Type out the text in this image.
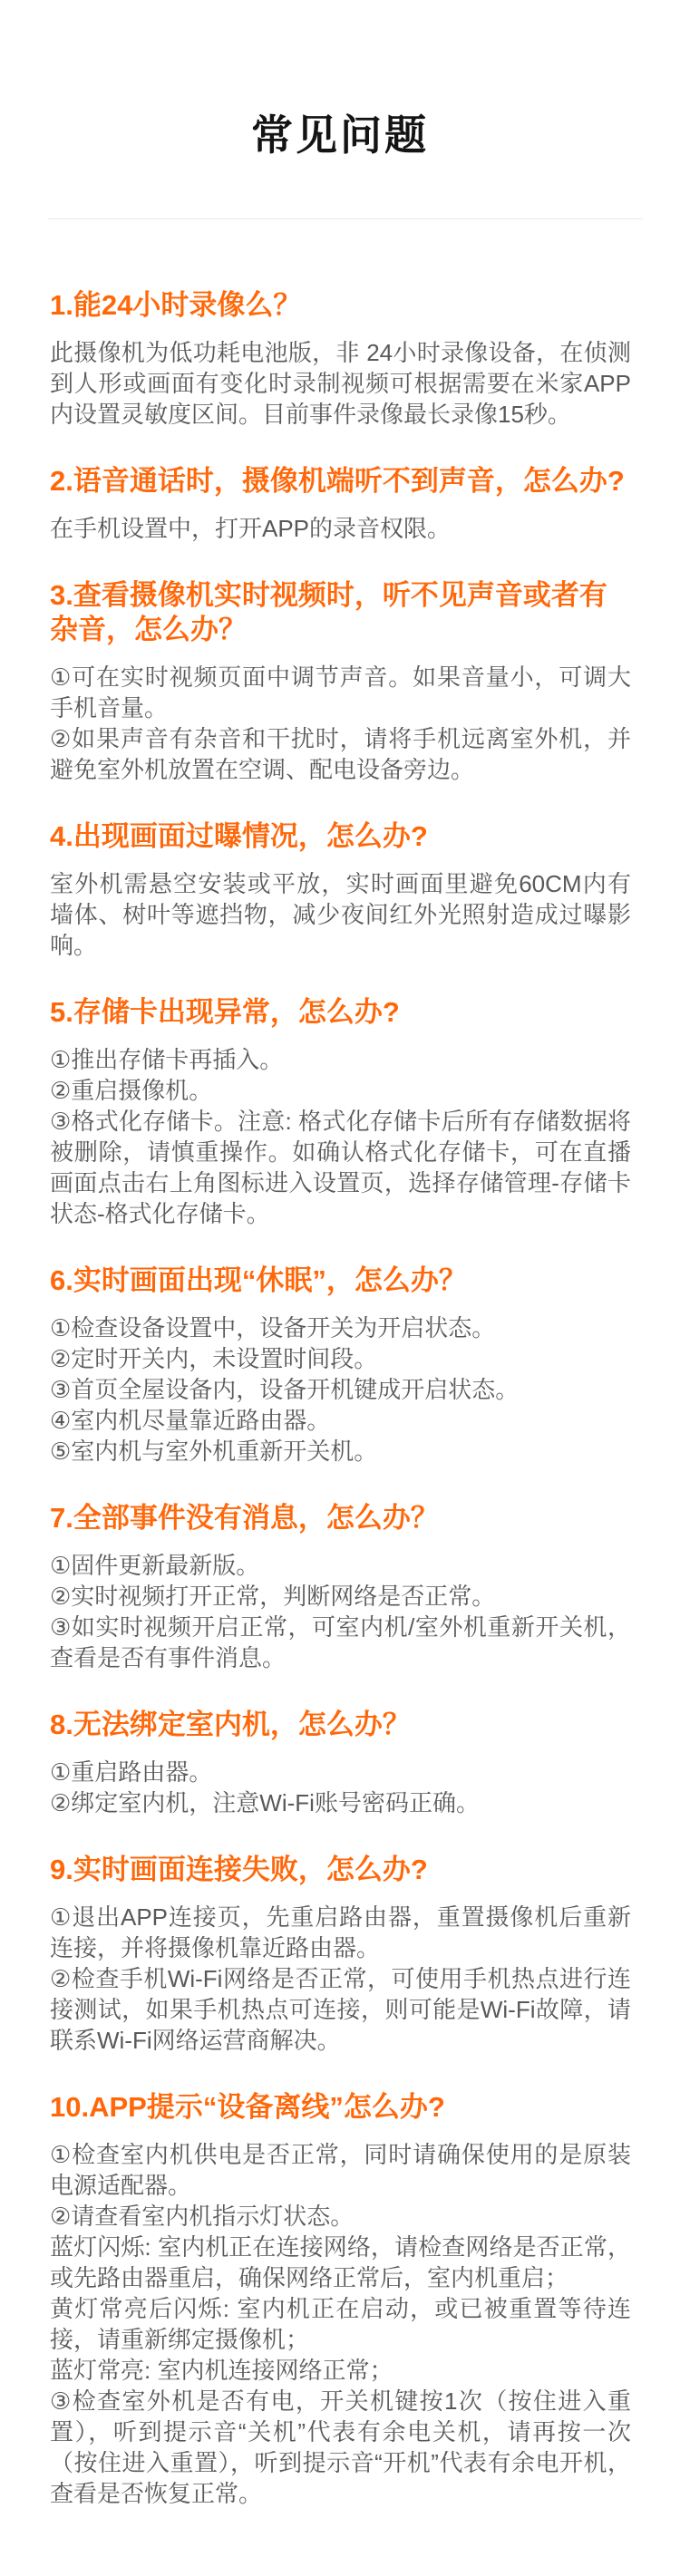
常见问题
1.能24小时录像么？

此摄像机为低功耗电池版，非 24小时录像设备，在侦测到人形或画面有变化时录制视频可根据需要在米家APP内设置灵敏度区间。目前事件录像最长录像15秒。

2.语音通话时，摄像机端听不到声音，怎么办?

在手机设置中，打开APP的录音权限。

3.查看摄像机实时视频时，听不见声音或者有杂音，怎么办？

①可在实时视频页面中调节声音。如果音量小，可调大手机音量。

②如果声音有杂音和干扰时，请将手机远离室外机，并避免室外机放置在空调、配电设备旁边。

4.出现画面过曝情况，怎么办?

室外机需悬空安装或平放，实时画面里避免60CM内有墙体、树叶等遮挡物，减少夜间红外光照射造成过曝影响。

5.存储卡出现异常，怎么办?

①推出存储卡再插入。

②重启摄像机。

③格式化存储卡。注意: 格式化存储卡后所有存储数据将被删除，请慎重操作。如确认格式化存储卡，可在直播画面点击右上角图标进入设置页，选择存储管理-存储卡状态-格式化存储卡。

6.实时画面出现“休眠”，怎么办？

①检查设备设置中，设备开关为开启状态。

②定时开关内，未设置时间段。

③首页全屋设备内，设备开机键成开启状态。

④室内机尽量靠近路由器。

⑤室内机与室外机重新开关机。

7.全部事件没有消息，怎么办？

①固件更新最新版。

②实时视频打开正常，判断网络是否正常。

③如实时视频开启正常，可室内机/室外机重新开关机，查看是否有事件消息。

8.无法绑定室内机，怎么办？

①重启路由器。

②绑定室内机，注意Wi-Fi账号密码正确。

9.实时画面连接失败，怎么办?

①退出APP连接页，先重启路由器，重置摄像机后重新连接，并将摄像机靠近路由器。

②检查手机Wi-Fi网络是否正常，可使用手机热点进行连接测试，如果手机热点可连接，则可能是Wi-Fi故障，请联系Wi-Fi网络运营商解决。

10.APP提示“设备离线”怎么办?

①检查室内机供电是否正常，同时请确保使用的是原装电源适配器。

②请查看室内机指示灯状态。

蓝灯闪烁: 室内机正在连接网络，请检查网络是否正常，或先路由器重启，确保网络正常后，室内机重启；

黄灯常亮后闪烁: 室内机正在启动，或已被重置等待连接，请重新绑定摄像机；

蓝灯常亮: 室内机连接网络正常；

③检查室外机是否有电，开关机键按1次（按住进入重置），听到提示音“关机”代表有余电关机，请再按一次（按住进入重置），听到提示音“开机”代表有余电开机，查看是否恢复正常。
